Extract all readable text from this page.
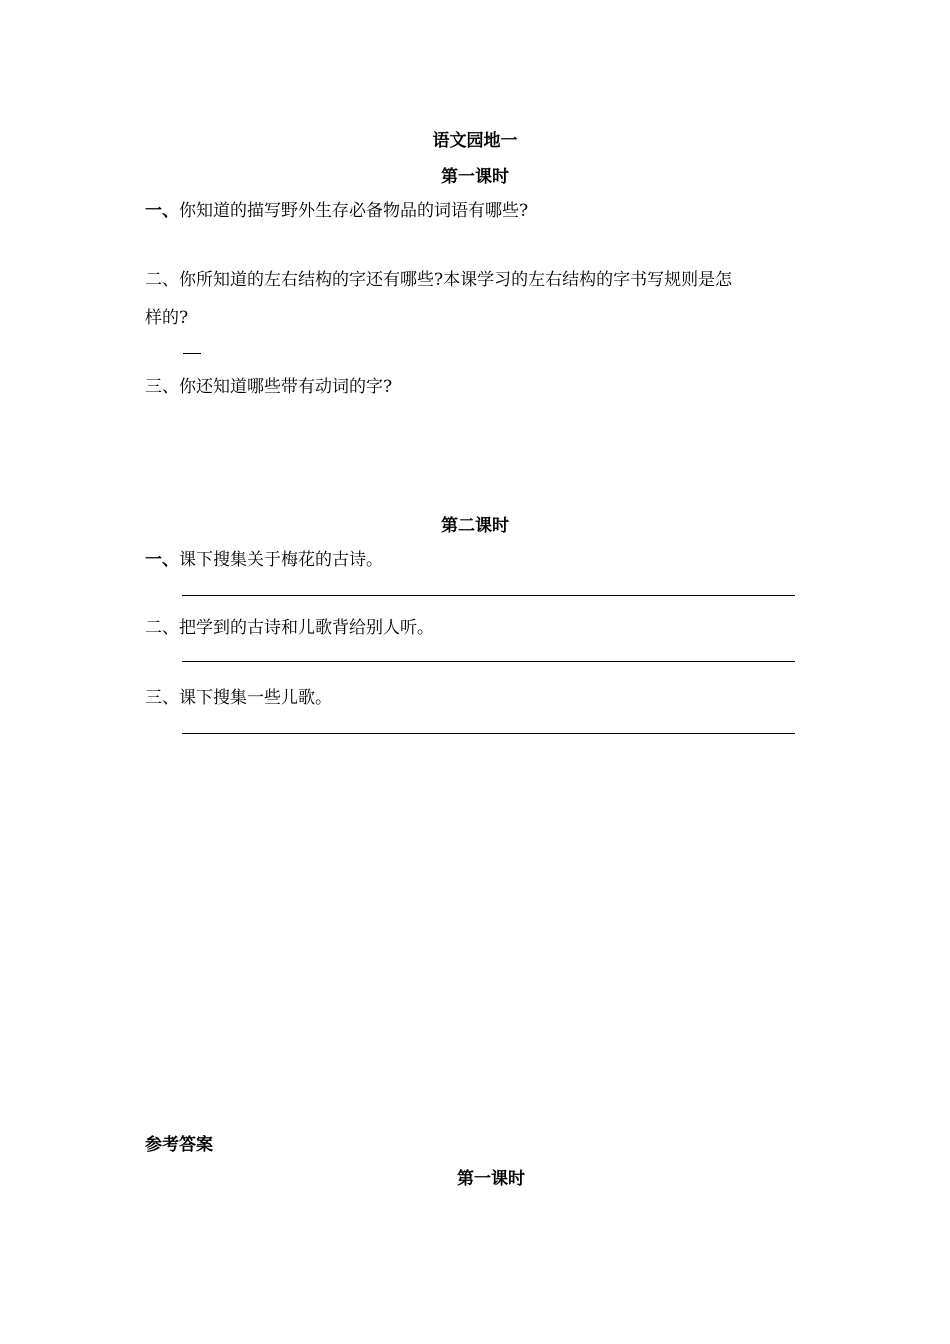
语文园地一
第一课时
一、你知道的描写野外生存必备物品的词语有哪些?
二、你所知道的左右结构的字还有哪些?本课学习的左右结构的字书写规则是怎
样的?
三、你还知道哪些带有动词的字?
第二课时
一、课下搜集关于梅花的古诗。
二、把学到的古诗和儿歌背给别人听。
三、课下搜集一些儿歌。
参考答案
第一课时
